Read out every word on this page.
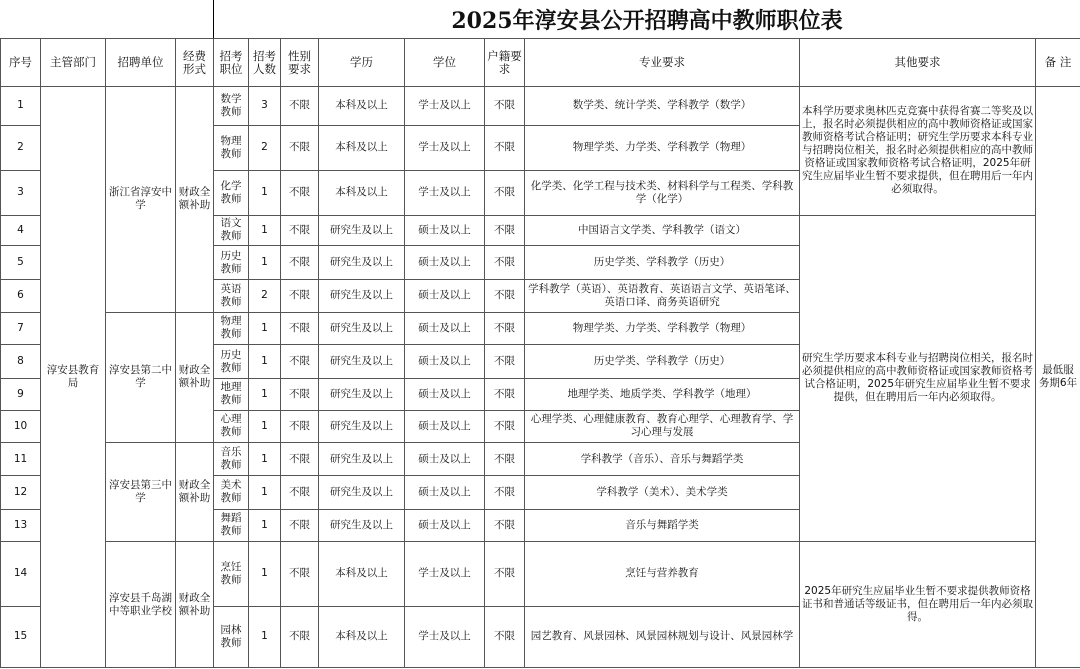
2025年淳安县公开招聘高中教师职位表
序号	主管部门	招聘单位	经费形式	招考职位	招考人数	性别要求	学历	学位	户籍要求	专业要求	其他要求	备 注
1	淳安县教育局	浙江省淳安中学	财政全额补助	数学教师	3	不限	本科及以上	学士及以上	不限	数学类、统计学类、学科教学（数学）	本科学历要求奥林匹克竞赛中获得省赛二等奖及以上，报名时必须提供相应的高中教师资格证或国家教师资格考试合格证明；研究生学历要求本科专业与招聘岗位相关，报名时必须提供相应的高中教师资格证或国家教师资格考试合格证明，2025年研究生应届毕业生暂不要求提供，但在聘用后一年内必须取得。	最低服务期6年
2				物理教师	2	不限	本科及以上	学士及以上	不限	物理学类、力学类、学科教学（物理）		
3				化学教师	1	不限	本科及以上	学士及以上	不限	化学类、化学工程与技术类、材料科学与工程类、学科教学（化学）		
4				语文教师	1	不限	研究生及以上	硕士及以上	不限	中国语言文学类、学科教学（语文）	研究生学历要求本科专业与招聘岗位相关，报名时必须提供相应的高中教师资格证或国家教师资格考试合格证明，2025年研究生应届毕业生暂不要求提供，但在聘用后一年内必须取得。	
5				历史教师	1	不限	研究生及以上	硕士及以上	不限	历史学类、学科教学（历史）		
6				英语教师	2	不限	研究生及以上	硕士及以上	不限	学科教学（英语）、英语教育、英语语言文学、英语笔译、英语口译、商务英语研究		
7		淳安县第二中学	财政全额补助	物理教师	1	不限	研究生及以上	硕士及以上	不限	物理学类、力学类、学科教学（物理）		
8				历史教师	1	不限	研究生及以上	硕士及以上	不限	历史学类、学科教学（历史）		
9				地理教师	1	不限	研究生及以上	硕士及以上	不限	地理学类、地质学类、学科教学（地理）		
10				心理教师	1	不限	研究生及以上	硕士及以上	不限	心理学类、心理健康教育、教育心理学、心理教育学、学习心理与发展		
11		淳安县第三中学	财政全额补助	音乐教师	1	不限	研究生及以上	硕士及以上	不限	学科教学（音乐）、音乐与舞蹈学类		
12				美术教师	1	不限	研究生及以上	硕士及以上	不限	学科教学（美术）、美术学类		
13				舞蹈教师	1	不限	研究生及以上	硕士及以上	不限	音乐与舞蹈学类		
14		淳安县千岛湖中等职业学校	财政全额补助	烹饪教师	1	不限	本科及以上	学士及以上	不限	烹饪与营养教育	2025年研究生应届毕业生暂不要求提供教师资格证书和普通话等级证书，但在聘用后一年内必须取得。	
15				园林教师	1	不限	本科及以上	学士及以上	不限	园艺教育、风景园林、风景园林规划与设计、风景园林学		
